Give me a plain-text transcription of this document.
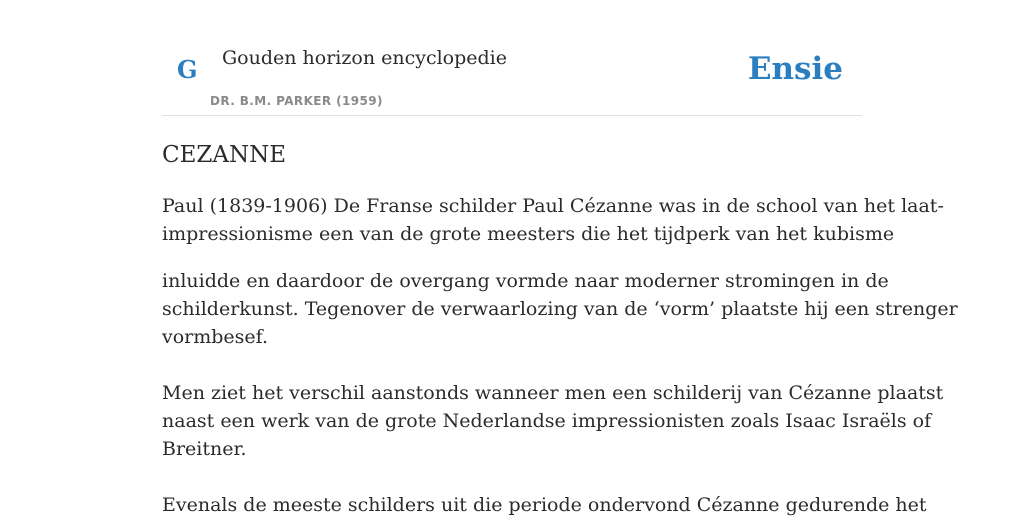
G Gouden horizon encyclopedie
DR. B.M. PARKER (1959)
Ensie
CEZANNE

Paul (1839-1906) De Franse schilder Paul Cézanne was in de school van het laat-
impressionisme een van de grote meesters die het tijdperk van het kubisme

inluidde en daardoor de overgang vormde naar moderner stromingen in de
schilderkunst. Tegenover de verwaarlozing van de ‘vorm’ plaatste hij een strenger
vormbesef.

Men ziet het verschil aanstonds wanneer men een schilderij van Cézanne plaatst
naast een werk van de grote Nederlandse impressionisten zoals Isaac Israëls of
Breitner.

Evenals de meeste schilders uit die periode ondervond Cézanne gedurende het
